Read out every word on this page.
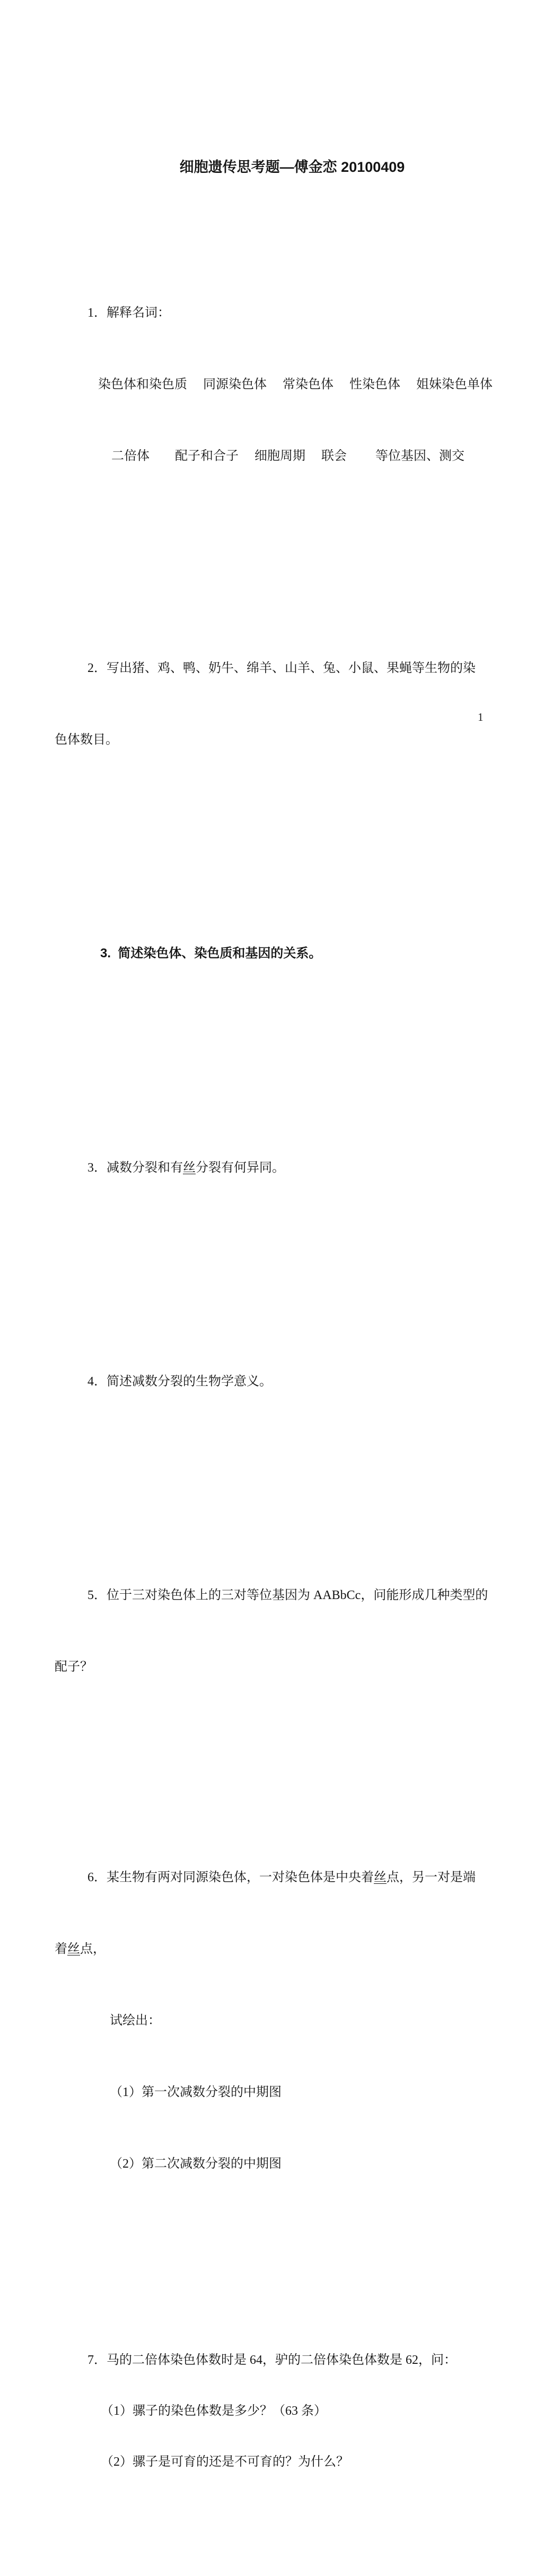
细胞遗传思考题—傅金恋 20100409

1．解释名词：

染色体和染色质　 同源染色体　 常染色体　 性染色体　 姐妹染色单体

二倍体　　配子和合子　 细胞周期　 联会　　 等位基因、测交

2．写出猪、鸡、鸭、奶牛、绵羊、山羊、兔、小鼠、果蝇等生物的染

色体数目。

3.  简述染色体、染色质和基因的关系。

3．减数分裂和有丝分裂有何异同。

4．简述减数分裂的生物学意义。

5．位于三对染色体上的三对等位基因为 AABbCc，问能形成几种类型的

配子？

6．某生物有两对同源染色体，一对染色体是中央着丝点，另一对是端

着丝点，

试绘出：

（1）第一次减数分裂的中期图

（2）第二次减数分裂的中期图

7．马的二倍体染色体数时是 64，驴的二倍体染色体数是 62，问：

（1）骡子的染色体数是多少？（63 条）

（2）骡子是可育的还是不可育的？为什么？

1
